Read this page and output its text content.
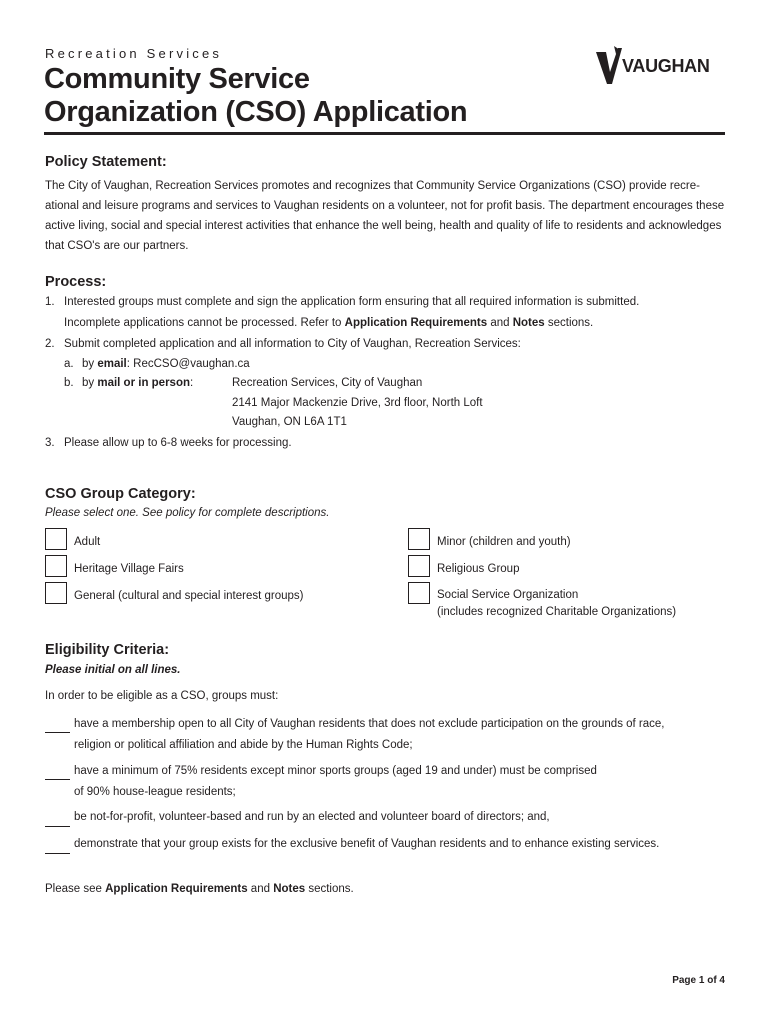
Recreation Services
Community Service
Organization (CSO) Application
VAUGHAN
Policy Statement:
The City of Vaughan, Recreation Services promotes and recognizes that Community Service Organizations (CSO) provide recre-ational and leisure programs and services to Vaughan residents on a volunteer, not for profit basis. The department encourages these active living, social and special interest activities that enhance the well being, health and quality of life to residents and acknowledges that CSO's are our partners.
Process:
1. Interested groups must complete and sign the application form ensuring that all required information is submitted.
Incomplete applications cannot be processed. Refer to Application Requirements and Notes sections.
2. Submit completed application and all information to City of Vaughan, Recreation Services:
a. by email: RecCSO@vaughan.ca
b. by mail or in person:	Recreation Services, City of Vaughan
2141 Major Mackenzie Drive, 3rd floor, North Loft
Vaughan, ON L6A 1T1
3. Please allow up to 6-8 weeks for processing.
CSO Group Category:
Please select one. See policy for complete descriptions.
Adult
Heritage Village Fairs
General (cultural and special interest groups)
Minor (children and youth)
Religious Group
Social Service Organization
(includes recognized Charitable Organizations)
Eligibility Criteria:
Please initial on all lines.
In order to be eligible as a CSO, groups must:
have a membership open to all City of Vaughan residents that does not exclude participation on the grounds of race,
religion or political affiliation and abide by the Human Rights Code;
have a minimum of 75% residents except minor sports groups (aged 19 and under) must be comprised
of 90% house-league residents;
be not-for-profit, volunteer-based and run by an elected and volunteer board of directors; and,
demonstrate that your group exists for the exclusive benefit of Vaughan residents and to enhance existing services.
Please see Application Requirements and Notes sections.
Page 1 of 4
